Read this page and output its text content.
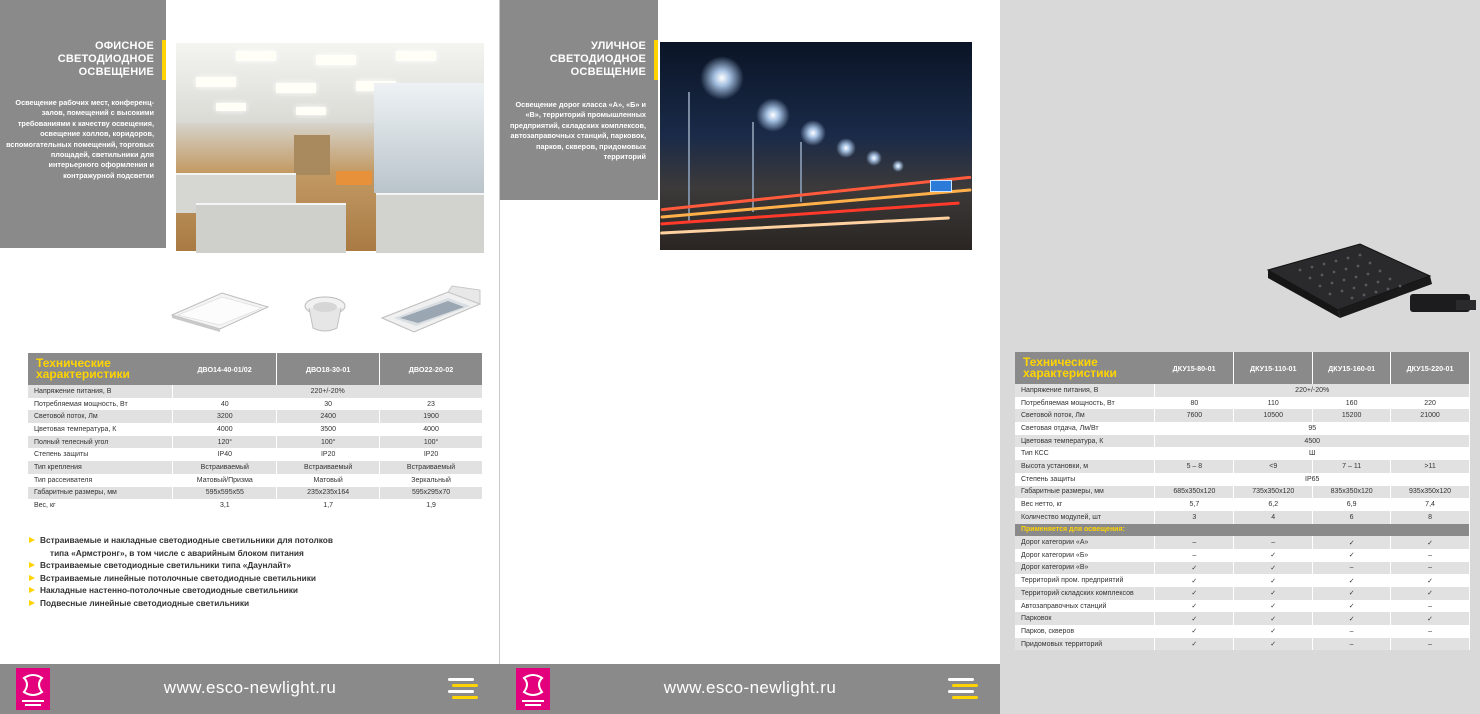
ОФИСНОЕ
СВЕТОДИОДНОЕ
ОСВЕЩЕНИЕ
Освещение рабочих мест, конференц-залов, помещений с высокими требованиями к качеству освещения, освещение холлов, коридоров, вспомогательных помещений, торговых площадей, светильники для интерьерного оформления и контражурной подсветки
Технические
характеристики	ДВО14-40-01/02	ДВО18-30-01	ДВО22-20-02
Напряжение питания, В	220+/-20%		
Потребляемая мощность, Вт	40	30	23
Световой поток, Лм	3200	2400	1900
Цветовая температура, К	4000	3500	4000
Полный телесный угол	120°	100°	100°
Степень защиты	IP40	IP20	IP20
Тип крепления	Встраиваемый	Встраиваемый	Встраиваемый
Тип рассеивателя	Матовый/Призма	Матовый	Зеркальный
Габаритные размеры, мм	595х595х55	235х235х164	595х295х70
Вес, кг	3,1	1,7	1,9
Встраиваемые и накладные светодиодные светильники для потолков
типа «Армстронг», в том числе с аварийным блоком питания
Встраиваемые светодиодные светильники типа «Даунлайт»
Встраиваемые линейные потолочные светодиодные светильники
Накладные настенно-потолочные светодиодные светильники
Подвесные линейные светодиодные светильники
www.esco-newlight.ru
УЛИЧНОЕ
СВЕТОДИОДНОЕ
ОСВЕЩЕНИЕ
Освещение дорог класса «А», «Б» и «В», территорий промышленных предприятий, складских комплексов, автозаправочных станций, парковок, парков, скверов, придомовых территорий
Технические
характеристики	ДКУ15-80-01	ДКУ15-110-01	ДКУ15-160-01	ДКУ15-220-01
Напряжение питания, В	220+/-20%			
Потребляемая мощность, Вт	80	110	160	220
Световой поток, Лм	7600	10500	15200	21000
Световая отдача, Лм/Вт	95			
Цветовая температура, К	4500			
Тип КСС	Ш			
Высота установки, м	5 – 8	<9	7 – 11	>11
Степень защиты	IP65			
Габаритные размеры, мм	685х350х120	735х350х120	835х350х120	935х350х120
Вес нетто, кг	5,7	6,2	6,9	7,4
Количество модулей, шт	3	4	6	8
Применяется для освещения:				
Дорог категории «А»	–	–	✓	✓
Дорог категории «Б»	–	✓	✓	–
Дорог категории «В»	✓	✓	–	–
Территорий пром. предприятий	✓	✓	✓	✓
Территорий складских комплексов	✓	✓	✓	✓
Автозаправочных станций	✓	✓	✓	–
Парковок	✓	✓	✓	✓
Парков, скверов	✓	✓	–	–
Придомовых территорий	✓	✓	–	–
www.esco-newlight.ru
